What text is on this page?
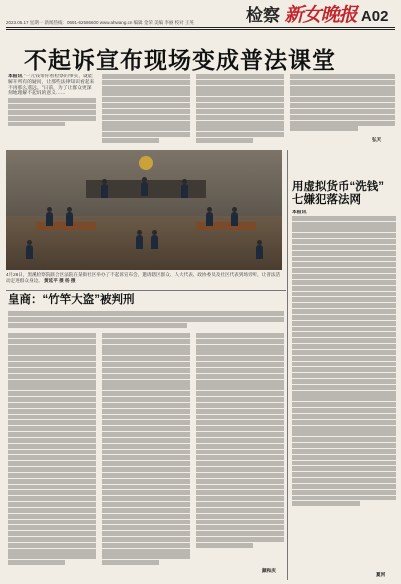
检察 新女晚报 A02
2023.05.17 星期一 新闻热线：0591-62586600 www.ahwang.cn 编辑 金荣 美编 李丽 校对 王英
不起诉宣布现场变成普法课堂
本报讯 "一元钱带你看检察的事实，就能解开所有的疑问，让那些法律知识看起来不再那么遥远。"日前，为了让群众更深刻地理解不起诉的意义……
弘天
4月26日，黑溪检察院联合区法院在某街社区举办了不起诉宣布会，邀请辖区群众、人大代表、政协委员及社区代表到场旁听，让普法活动走进群众身边。 黄延平 摄 杨 摄
用虚拟货币“洗钱”
七嫌犯落法网
本报讯
夏河
皇商：“竹竿大盗”被判刑
颜和庆
